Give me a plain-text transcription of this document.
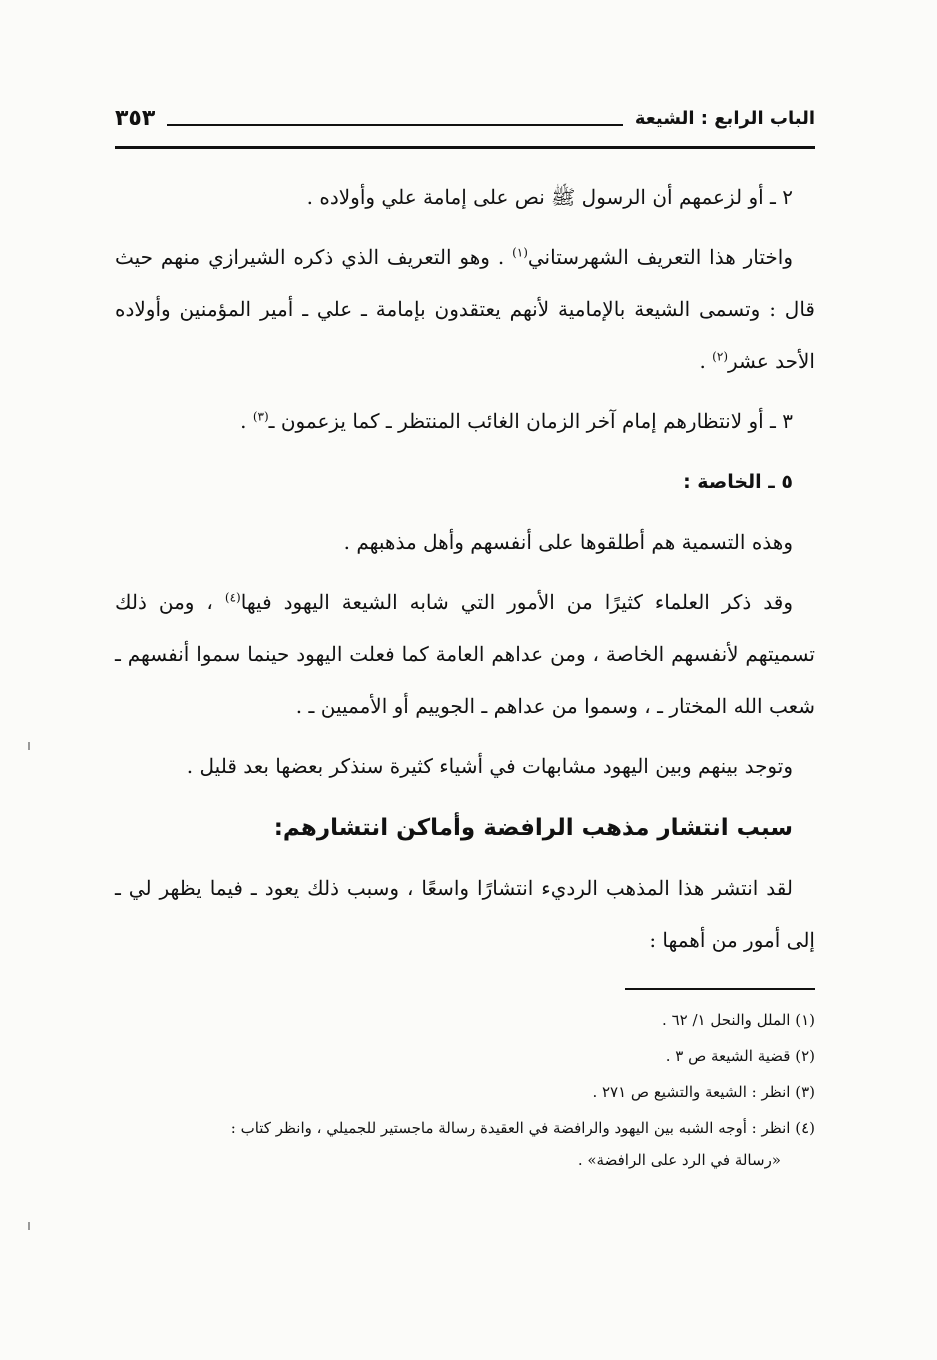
الباب الرابع : الشيعة
٣٥٣

٢ ـ أو لزعمهم أن الرسول ﷺ نص على إمامة علي وأولاده .

واختار هذا التعريف الشهرستاني$^{(١)}$ . وهو التعريف الذي ذكره الشيرازي منهم حيث قال : وتسمى الشيعة بالإمامية لأنهم يعتقدون بإمامة ـ علي ـ أمير المؤمنين وأولاده الأحد عشر$^{(٢)}$ .

٣ ـ أو لانتظارهم إمام آخر الزمان الغائب المنتظر ـ كما يزعمون ـ$^{(٣)}$ .

٥ ـ الخاصة :

وهذه التسمية هم أطلقوها على أنفسهم وأهل مذهبهم .

وقد ذكر العلماء كثيرًا من الأمور التي شابه الشيعة اليهود فيها$^{(٤)}$ ، ومن ذلك تسميتهم لأنفسهم الخاصة ، ومن عداهم العامة كما فعلت اليهود حينما سموا أنفسهم ـ شعب الله المختار ـ ، وسموا من عداهم ـ الجوييم أو الأمميين ـ .

وتوجد بينهم وبين اليهود مشابهات في أشياء كثيرة سنذكر بعضها بعد قليل .

سبب انتشار مذهب الرافضة وأماكن انتشارهم:

لقد انتشر هذا المذهب الرديء انتشارًا واسعًا ، وسبب ذلك يعود ـ فيما يظهر لي ـ إلى أمور من أهمها :

(١) الملل والنحل ١/ ٦٢ .

(٢) قضية الشيعة ص ٣ .

(٣) انظر : الشيعة والتشيع ص ٢٧١ .

(٤) انظر : أوجه الشبه بين اليهود والرافضة في العقيدة رسالة ماجستير للجميلي ، وانظر كتاب :

«رسالة في الرد على الرافضة» .
